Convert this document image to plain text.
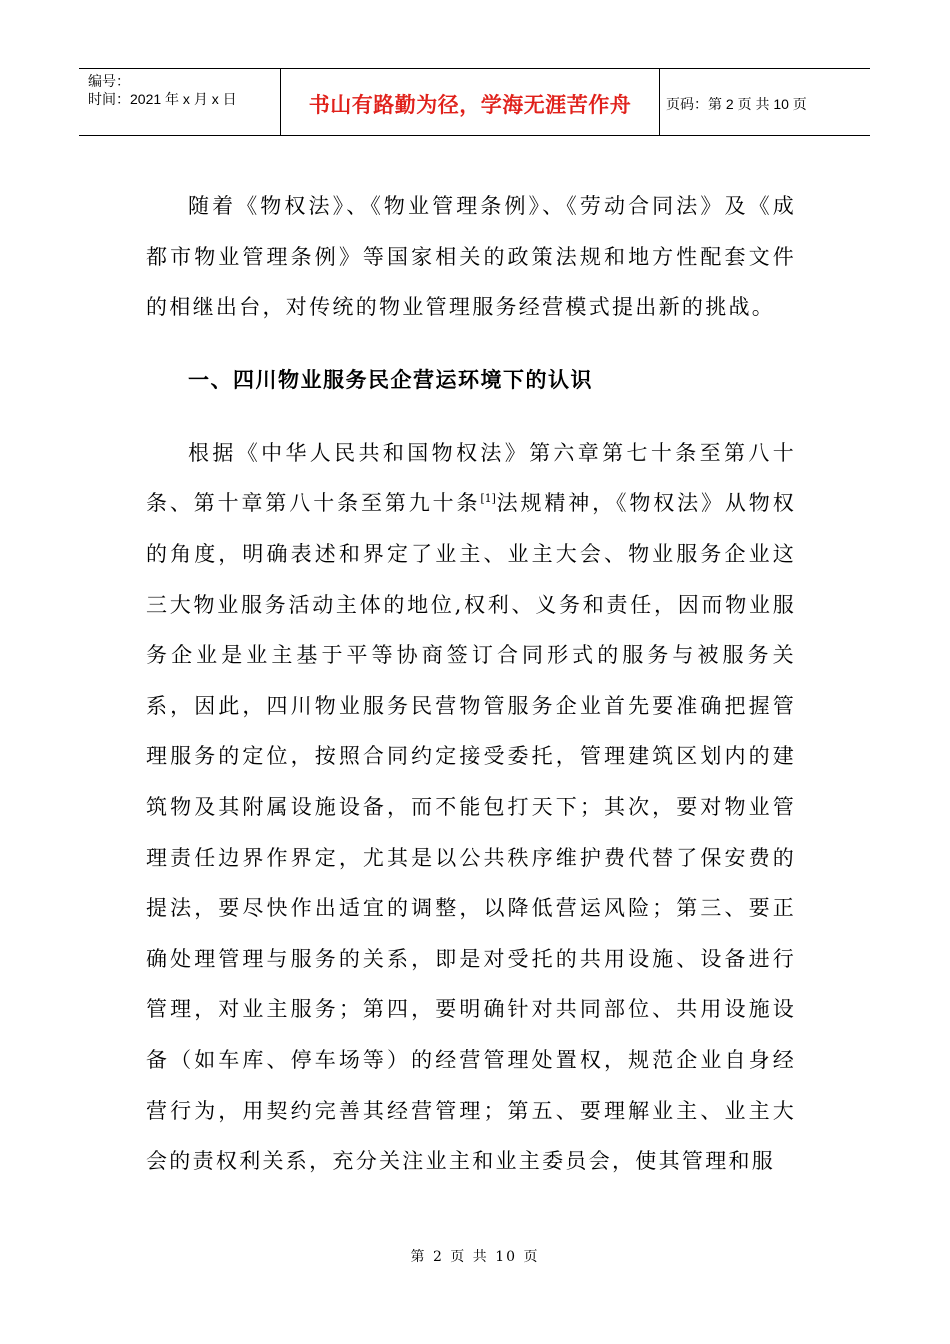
编号：
时间：2021 年 x 月 x 日	书山有路勤为径，学海无涯苦作舟	页码：第 2 页 共 10 页

随着《物权法》、《物业管理条例》、《劳动合同法》及《成都市物业管理条例》等国家相关的政策法规和地方性配套文件的相继出台，对传统的物业管理服务经营模式提出新的挑战。

一、四川物业服务民企营运环境下的认识

根据《中华人民共和国物权法》第六章第七十条至第八十条、第十章第八十条至第九十条[1]法规精神，《物权法》从物权的角度，明确表述和界定了业主、业主大会、物业服务企业这三大物业服务活动主体的地位,权利、义务和责任，因而物业服务企业是业主基于平等协商签订合同形式的服务与被服务关系，因此，四川物业服务民营物管服务企业首先要准确把握管理服务的定位，按照合同约定接受委托，管理建筑区划内的建筑物及其附属设施设备，而不能包打天下；其次，要对物业管理责任边界作界定，尤其是以公共秩序维护费代替了保安费的提法，要尽快作出适宜的调整，以降低营运风险；第三、要正确处理管理与服务的关系，即是对受托的共用设施、设备进行管理，对业主服务；第四，要明确针对共同部位、共用设施设备（如车库、停车场等）的经营管理处置权，规范企业自身经营行为，用契约完善其经营管理；第五、要理解业主、业主大会的责权利关系，充分关注业主和业主委员会，使其管理和服

第 2 页 共 10 页
